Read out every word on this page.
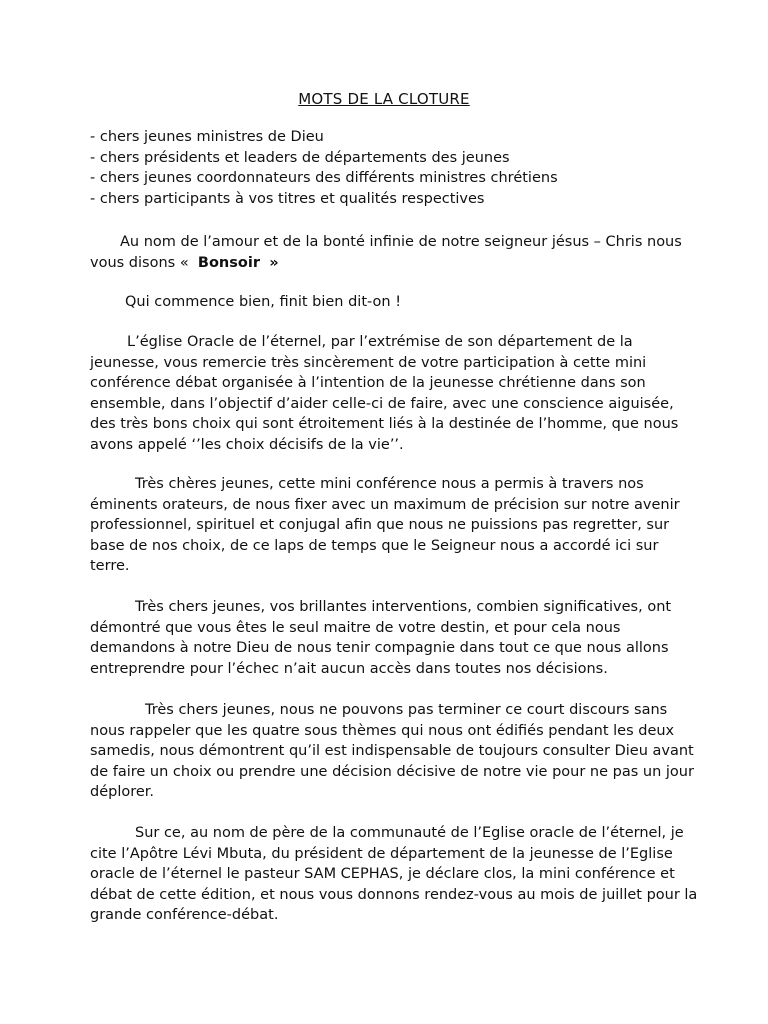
MOTS DE LA CLOTURE
- chers jeunes ministres de Dieu
- chers présidents et leaders de départements des jeunes
- chers jeunes coordonnateurs des différents ministres chrétiens
- chers participants à vos titres et qualités respectives

Au nom de l’amour et de la bonté infinie de notre seigneur jésus – Chris nous vous disons « Bonsoir »

Qui commence bien, finit bien dit-on !

L’église Oracle de l’éternel, par l’extrémise de son département de la jeunesse, vous remercie très sincèrement de votre participation à cette mini conférence débat organisée à l’intention de la jeunesse chrétienne dans son ensemble, dans l’objectif d’aider celle-ci de faire, avec une conscience aiguisée, des très bons choix qui sont étroitement liés à la destinée de l’homme, que nous avons appelé ‘’les choix décisifs de la vie’’.

Très chères jeunes, cette mini conférence nous a permis à travers nos éminents orateurs, de nous fixer avec un maximum de précision sur notre avenir professionnel, spirituel et conjugal afin que nous ne puissions pas regretter, sur base de nos choix, de ce laps de temps que le Seigneur nous a accordé ici sur terre.

Très chers jeunes, vos brillantes interventions, combien significatives, ont démontré que vous êtes le seul maitre de votre destin, et pour cela nous demandons à notre Dieu de nous tenir compagnie dans tout ce que nous allons entreprendre pour l’échec n’ait aucun accès dans toutes nos décisions.

Très chers jeunes, nous ne pouvons pas terminer ce court discours sans nous rappeler que les quatre sous thèmes qui nous ont édifiés pendant les deux samedis, nous démontrent qu’il est indispensable de toujours consulter Dieu avant de faire un choix ou prendre une décision décisive de notre vie pour ne pas un jour déplorer.

Sur ce, au nom de père de la communauté de l’Eglise oracle de l’éternel, je cite l’Apôtre Lévi Mbuta, du président de département de la jeunesse de l’Eglise oracle de l’éternel le pasteur SAM CEPHAS, je déclare clos, la mini conférence et débat de cette édition, et nous vous donnons rendez-vous au mois de juillet pour la grande conférence-débat.
